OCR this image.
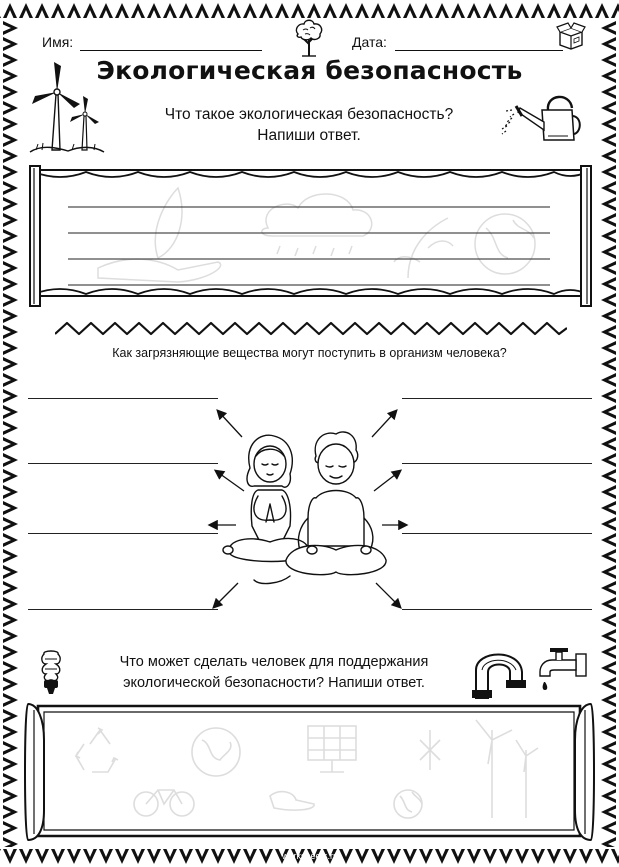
Имя:	Дата:
Экологическая безопасность
Что такое экологическая безопасность?
Напиши ответ.
Как загрязняющие вещества могут поступить в организм человека?
Что может сделать человек для поддержания
экологической безопасности? Напиши ответ.
worksheets.ru
